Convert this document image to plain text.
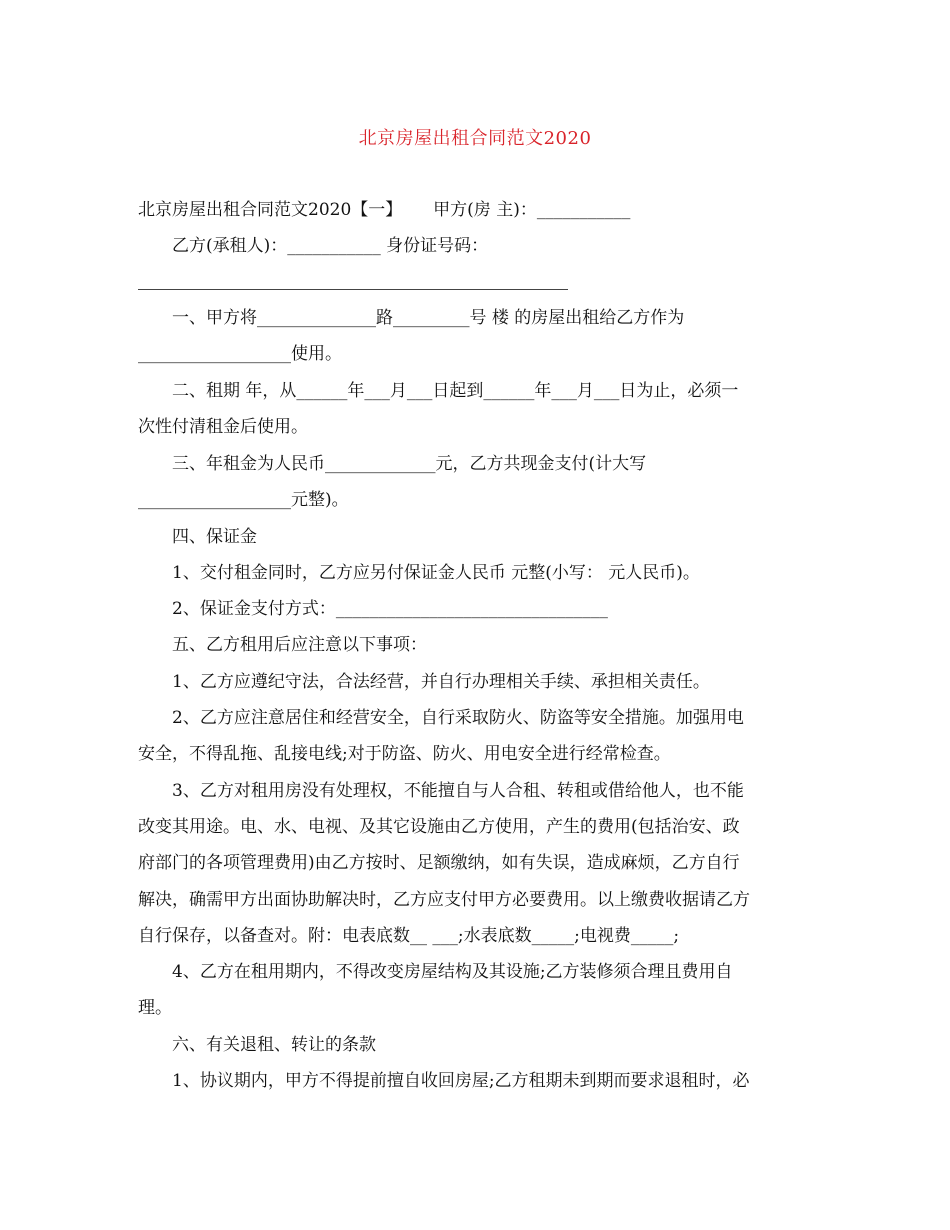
北京房屋出租合同范文2020
北京房屋出租合同范文2020【一】　　 甲方(房 主)：___________
乙方(承租人)：___________ 身份证号码：
一、甲方将______________路_________号 楼 的房屋出租给乙方作为
__________________使用。
二、租期 年，从______年___月___日起到______年___月___日为止，必须一
次性付清租金后使用。
三、年租金为人民币_____________元，乙方共现金支付(计大写
__________________元整)。
四、保证金
1、交付租金同时，乙方应另付保证金人民币 元整(小写： 元人民币)。
2、保证金支付方式：________________________________
五、乙方租用后应注意以下事项：
1、乙方应遵纪守法，合法经营，并自行办理相关手续、承担相关责任。
2、乙方应注意居住和经营安全，自行采取防火、防盗等安全措施。加强用电
安全，不得乱拖、乱接电线;对于防盗、防火、用电安全进行经常检查。
3、乙方对租用房没有处理权，不能擅自与人合租、转租或借给他人，也不能
改变其用途。电、水、电视、及其它设施由乙方使用，产生的费用(包括治安、政
府部门的各项管理费用)由乙方按时、足额缴纳，如有失误，造成麻烦，乙方自行
解决，确需甲方出面协助解决时，乙方应支付甲方必要费用。以上缴费收据请乙方
自行保存，以备查对。附：电表底数__ ___;水表底数_____;电视费_____;
4、乙方在租用期内，不得改变房屋结构及其设施;乙方装修须合理且费用自
理。
六、有关退租、转让的条款
1、协议期内，甲方不得提前擅自收回房屋;乙方租期未到期而要求退租时，必
